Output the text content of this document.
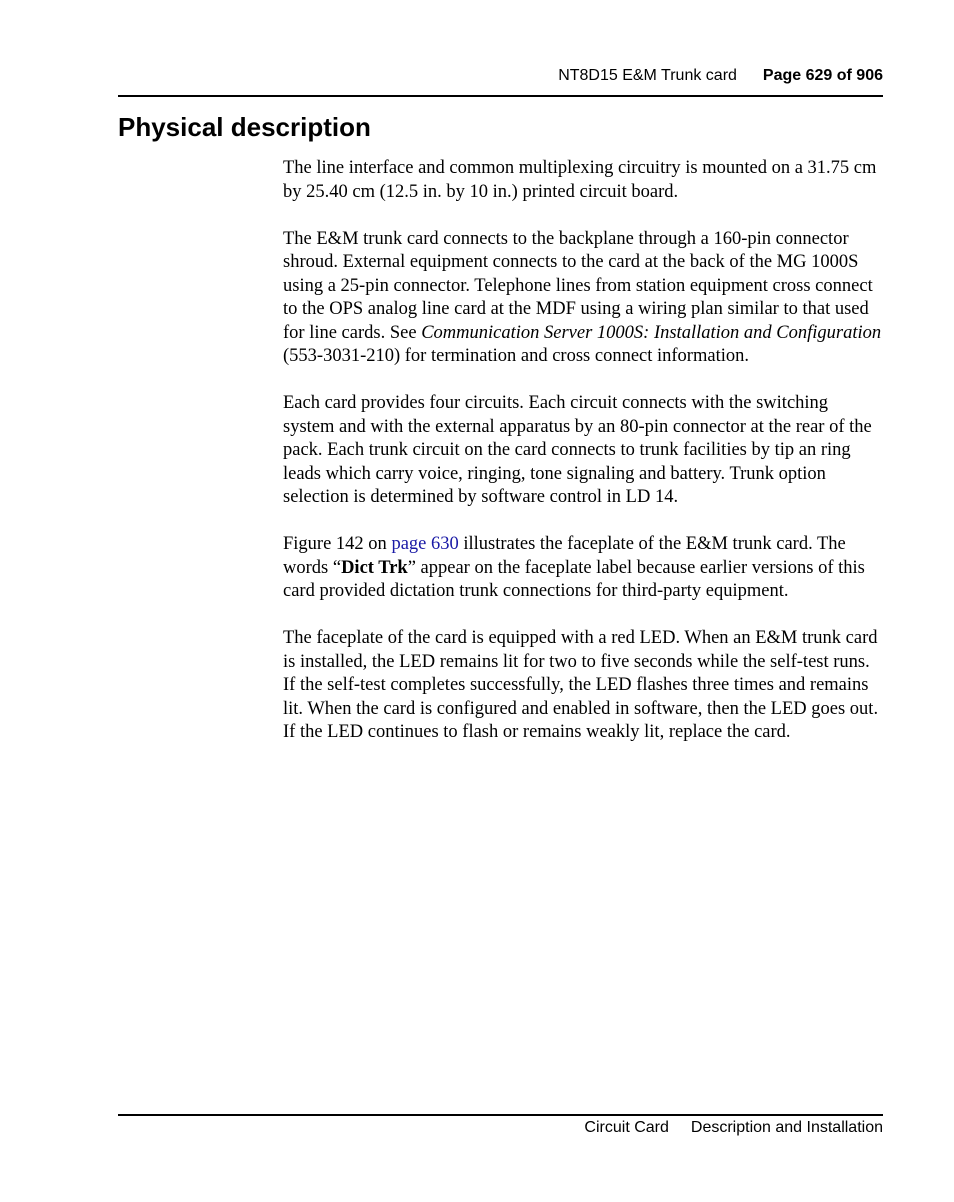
NT8D15 E&M Trunk card Page 629 of 906
Physical description

The line interface and common multiplexing circuitry is mounted on a 31.75 cm by 25.40 cm (12.5 in. by 10 in.) printed circuit board.

The E&M trunk card connects to the backplane through a 160-pin connector shroud. External equipment connects to the card at the back of the MG 1000S using a 25-pin connector. Telephone lines from station equipment cross connect to the OPS analog line card at the MDF using a wiring plan similar to that used for line cards. See Communication Server 1000S: Installation and Configuration (553-3031-210) for termination and cross connect information.

Each card provides four circuits. Each circuit connects with the switching system and with the external apparatus by an 80-pin connector at the rear of the pack. Each trunk circuit on the card connects to trunk facilities by tip an ring leads which carry voice, ringing, tone signaling and battery. Trunk option selection is determined by software control in LD 14.

Figure 142 on page 630 illustrates the faceplate of the E&M trunk card. The words “Dict Trk” appear on the faceplate label because earlier versions of this card provided dictation trunk connections for third-party equipment.

The faceplate of the card is equipped with a red LED. When an E&M trunk card is installed, the LED remains lit for two to five seconds while the self-test runs. If the self-test completes successfully, the LED flashes three times and remains lit. When the card is configured and enabled in software, then the LED goes out. If the LED continues to flash or remains weakly lit, replace the card.

Circuit Card Description and Installation
